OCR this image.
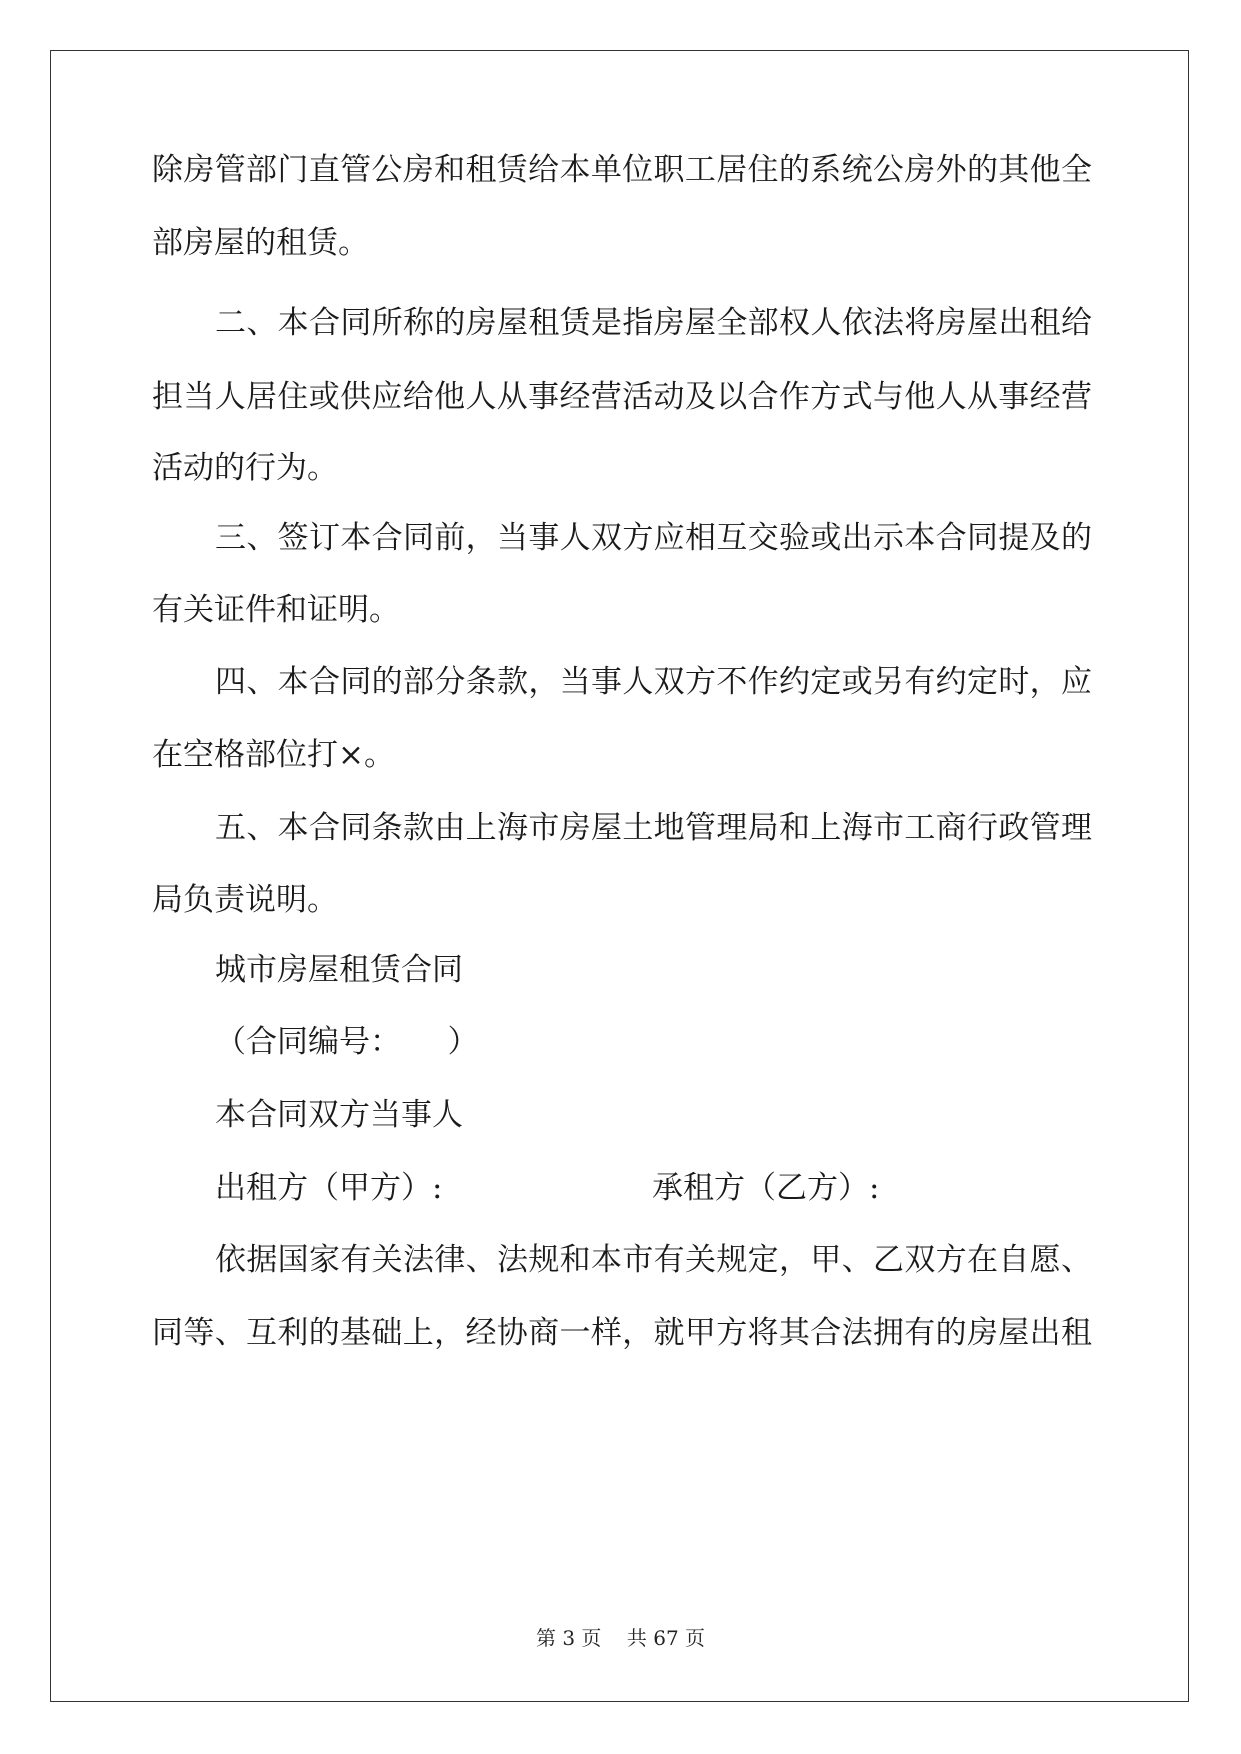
除房管部门直管公房和租赁给本单位职工居住的系统公房外的其他全
部房屋的租赁。
二、本合同所称的房屋租赁是指房屋全部权人依法将房屋出租给
担当人居住或供应给他人从事经营活动及以合作方式与他人从事经营
活动的行为。
三、签订本合同前，当事人双方应相互交验或出示本合同提及的
有关证件和证明。
四、本合同的部分条款，当事人双方不作约定或另有约定时，应
在空格部位打×。
五、本合同条款由上海市房屋土地管理局和上海市工商行政管理
局负责说明。
城市房屋租赁合同
（合同编号：　　）
本合同双方当事人
出租方（甲方）:	承租方（乙方）:
依据国家有关法律、法规和本市有关规定，甲、乙双方在自愿、
同等、互利的基础上，经协商一样，就甲方将其合法拥有的房屋出租
第 3 页 共 67 页
